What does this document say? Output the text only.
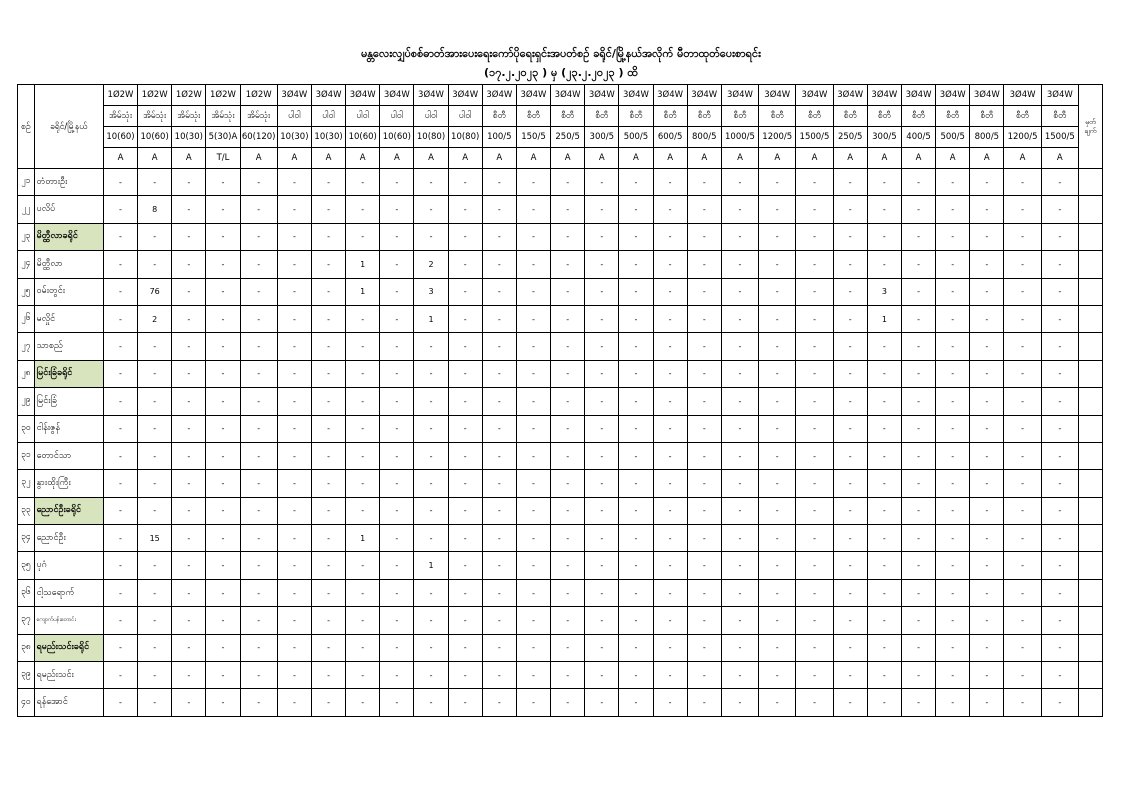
မန္တလေးလျှပ်စစ်ဓာတ်အားပေးရေးကော်ပိုရေးရှင်းအပတ်စဉ် ခရိုင်/မြို့နယ်အလိုက် မီတာထုတ်ပေးစာရင်း
(၁၇.၂.၂၀၂၃ ) မှ (၂၃.၂.၂၀၂၃ ) ထိ
စဉ်	ခရိုင်/မြို့နယ်	1Ø2W	1Ø2W	1Ø2W	1Ø2W	1Ø2W	3Ø4W	3Ø4W	3Ø4W	3Ø4W	3Ø4W	3Ø4W	3Ø4W	3Ø4W	3Ø4W	3Ø4W	3Ø4W	3Ø4W	3Ø4W	3Ø4W	3Ø4W	3Ø4W	3Ø4W	3Ø4W	3Ø4W	3Ø4W	3Ø4W	3Ø4W	3Ø4W	မှတ် ချက်
		အိမ်သုံး	အိမ်သုံး	အိမ်သုံး	အိမ်သုံး	အိမ်သုံး	ပါဝါ	ပါဝါ	ပါဝါ	ပါဝါ	ပါဝါ	ပါဝါ	စီတီ	စီတီ	စီတီ	စီတီ	စီတီ	စီတီ	စီတီ	စီတီ	စီတီ	စီတီ	စီတီ	စီတီ	စီတီ	စီတီ	စီတီ	စီတီ	စီတီ	
		10(60)	10(60)	10(30)	5(30)A	60(120)	10(30)	10(30)	10(60)	10(60)	10(80)	10(80)	100/5	150/5	250/5	300/5	500/5	600/5	800/5	1000/5	1200/5	1500/5	250/5	300/5	400/5	500/5	800/5	1200/5	1500/5	
		A	A	A	T/L	A	A	A	A	A	A	A	A	A	A	A	A	A	A	A	A	A	A	A	A	A	A	A	A	
၂၁	တံတားဦး	-	-	-	-	-	-	-	-	-	-	-	-	-	-	-	-	-	-	-	-	-	-	-	-	-	-	-	-	
၂၂	ပလိပ်	-	8	-	-	-	-	-	-	-	-	-	-	-	-	-	-	-	-	-	-	-	-	-	-	-	-	-	-	
၂၃	မိတ္ထီလာခရိုင်	-	-	-	-	-	-	-	-	-	-	-	-	-	-	-	-	-	-	-	-	-	-	-	-	-	-	-	-	
၂၄	မိတ္ထီလာ	-	-	-	-	-	-	-	1	-	2	-	-	-	-	-	-	-	-	-	-	-	-	-	-	-	-	-	-	
၂၅	ဝမ်းတွင်း	-	76	-	-	-	-	-	1	-	3	-	-	-	-	-	-	-	-	-	-	-	-	3	-	-	-	-	-	
၂၆	မလှိုင်	-	2	-	-	-	-	-	-	-	1	-	-	-	-	-	-	-	-	-	-	-	-	1	-	-	-	-	-	
၂၇	သာစည်	-	-	-	-	-	-	-	-	-	-	-	-	-	-	-	-	-	-	-	-	-	-	-	-	-	-	-	-	
၂၈	မြင်းခြံခရိုင်	-	-	-	-	-	-	-	-	-	-	-	-	-	-	-	-	-	-	-	-	-	-	-	-	-	-	-	-	
၂၉	မြင်းခြံ	-	-	-	-	-	-	-	-	-	-	-	-	-	-	-	-	-	-	-	-	-	-	-	-	-	-	-	-	
၃၀	ငါန်းဇွန်	-	-	-	-	-	-	-	-	-	-	-	-	-	-	-	-	-	-	-	-	-	-	-	-	-	-	-	-	
၃၁	တောင်သာ	-	-	-	-	-	-	-	-	-	-	-	-	-	-	-	-	-	-	-	-	-	-	-	-	-	-	-	-	
၃၂	နွားထိုးကြီး	-	-	-	-	-	-	-	-	-	-	-	-	-	-	-	-	-	-	-	-	-	-	-	-	-	-	-	-	
၃၃	ညောင်ဦးခရိုင်	-	-	-	-	-	-	-	-	-	-	-	-	-	-	-	-	-	-	-	-	-	-	-	-	-	-	-	-	
၃၄	ညောင်ဦး	-	15	-	-	-	-	-	1	-	-	-	-	-	-	-	-	-	-	-	-	-	-	-	-	-	-	-	-	
၃၅	ပုဂံ	-	-	-	-	-	-	-	-	-	1	-	-	-	-	-	-	-	-	-	-	-	-	-	-	-	-	-	-	
၃၆	ငါ့သရောက်	-	-	-	-	-	-	-	-	-	-	-	-	-	-	-	-	-	-	-	-	-	-	-	-	-	-	-	-	
၃၇	ကျောက်ပန်းတောင်း	-	-	-	-	-	-	-	-	-	-	-	-	-	-	-	-	-	-	-	-	-	-	-	-	-	-	-	-	
၃၈	ရမည်းသင်းခရိုင်	-	-	-	-	-	-	-	-	-	-	-	-	-	-	-	-	-	-	-	-	-	-	-	-	-	-	-	-	
၃၉	ရမည်းသင်း	-	-	-	-	-	-	-	-	-	-	-	-	-	-	-	-	-	-	-	-	-	-	-	-	-	-	-	-	
၄၀	ရန်အောင်	-	-	-	-	-	-	-	-	-	-	-	-	-	-	-	-	-	-	-	-	-	-	-	-	-	-	-	-	
